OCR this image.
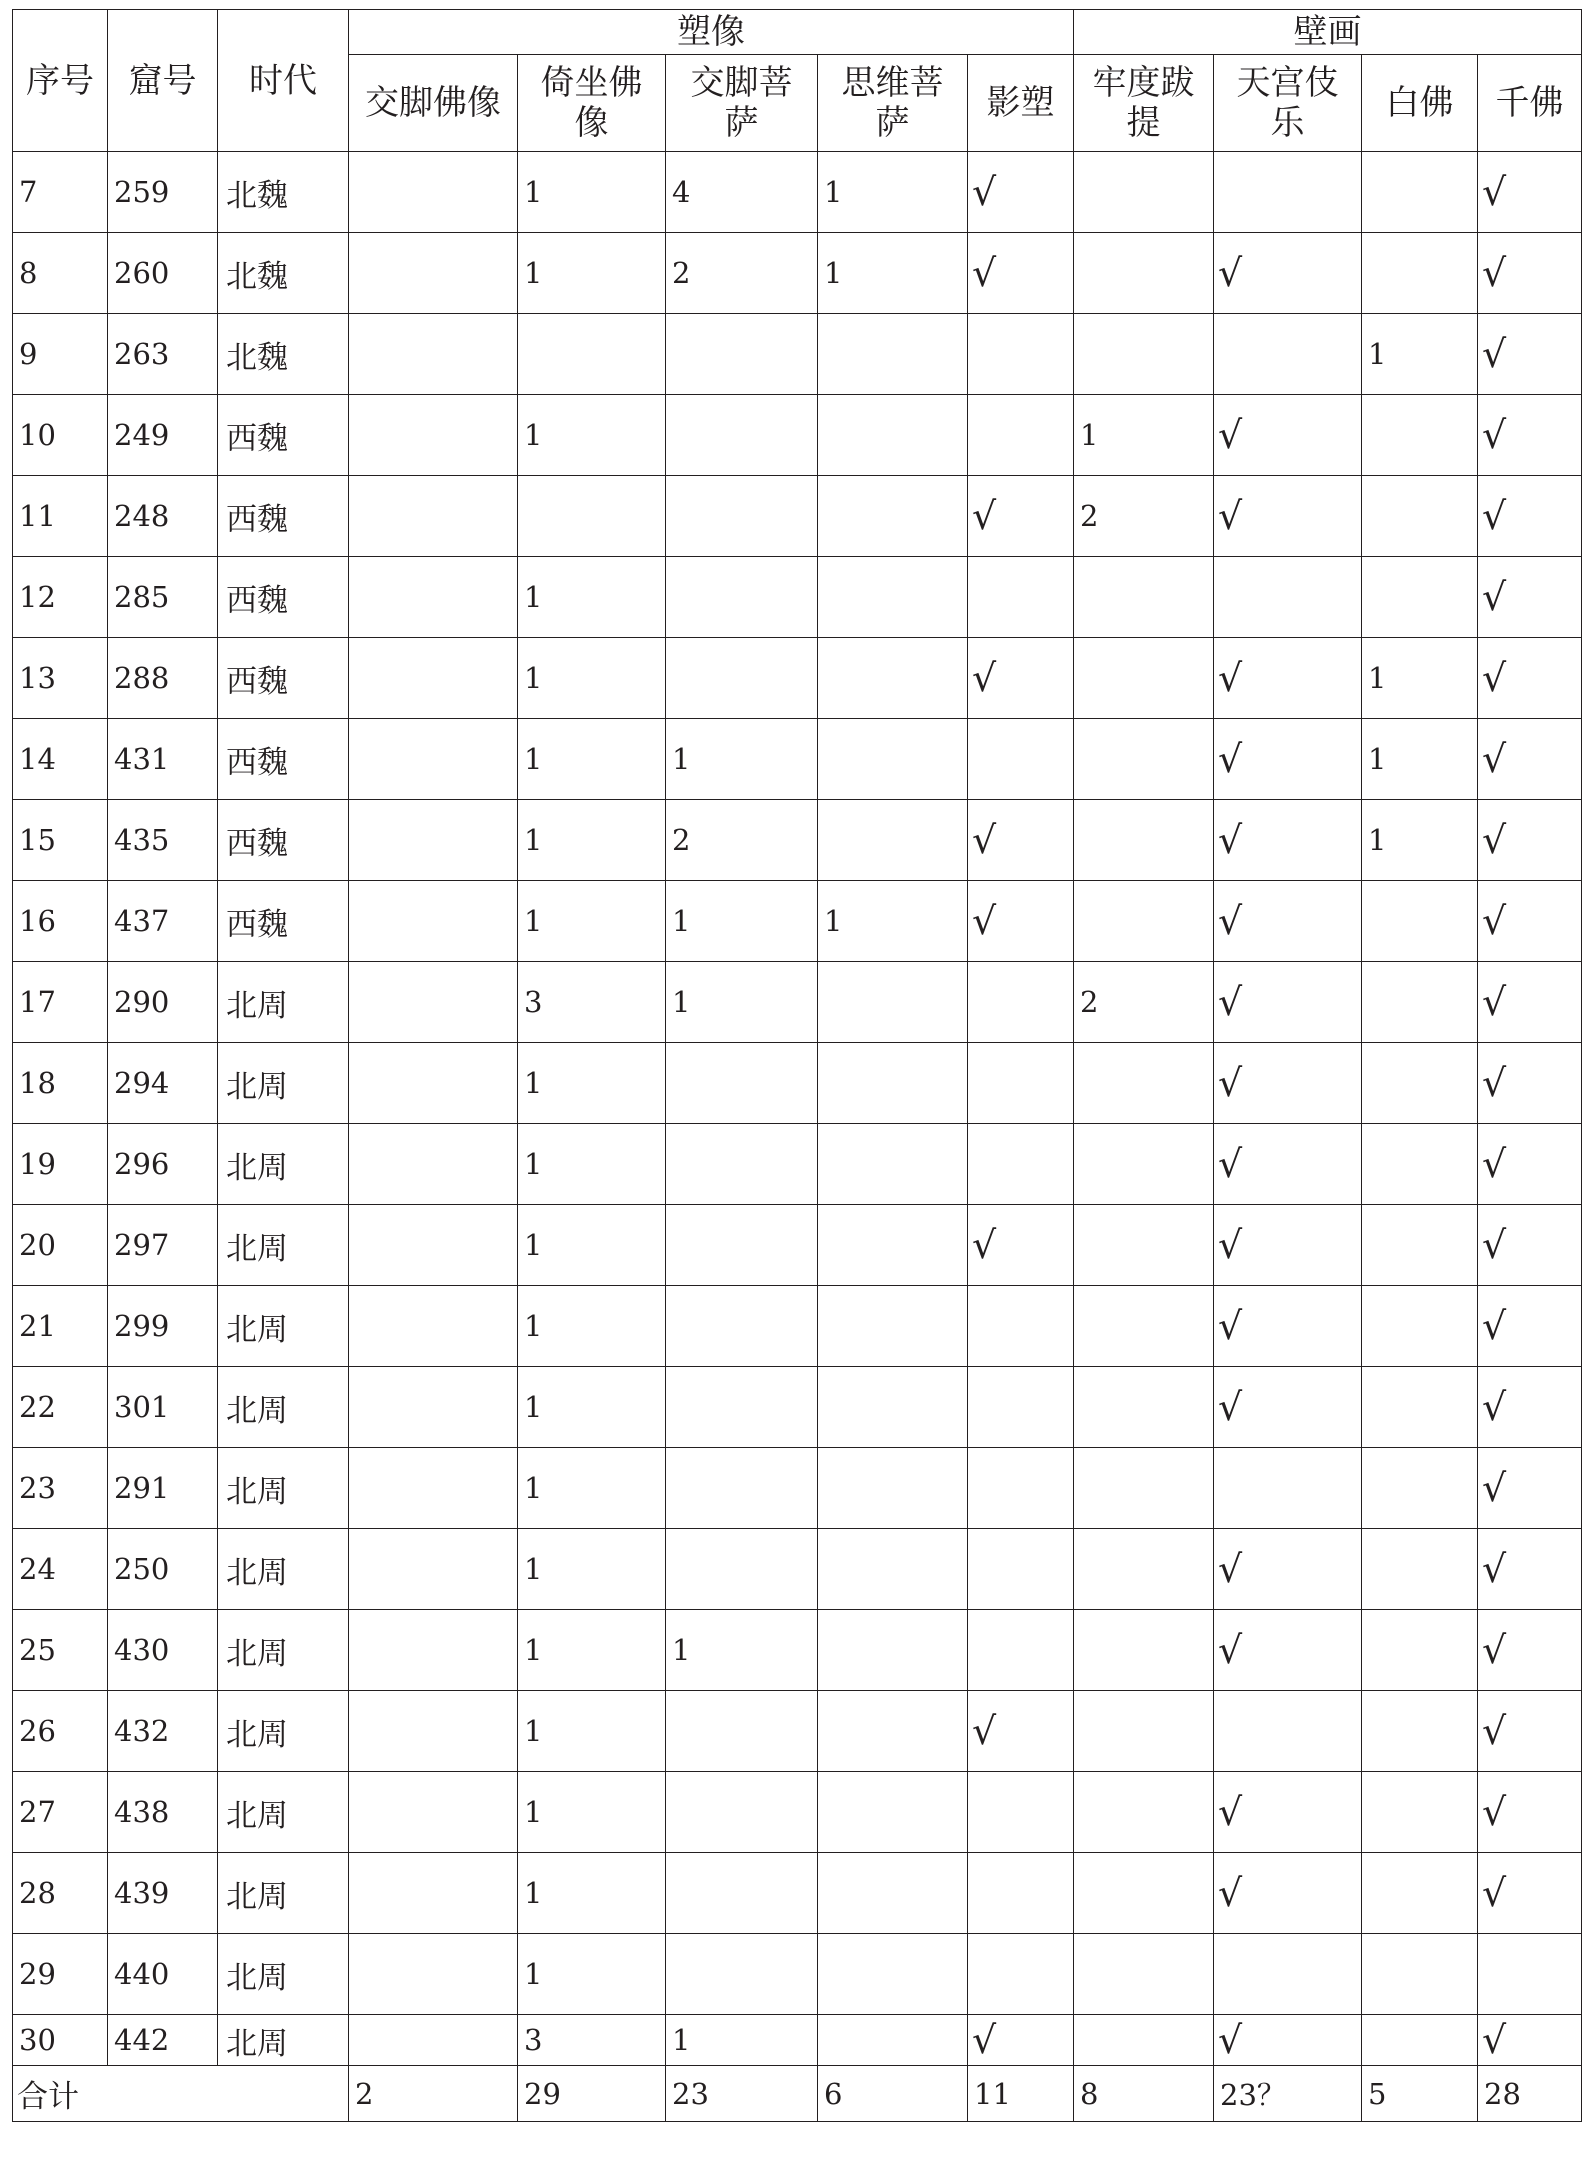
序号	窟号	时代	塑像					壁画			
			交脚佛像	倚坐佛像	交脚菩萨	思维菩萨	影塑	牢度跋提	天宫伎乐	白佛	千佛
7	259	北魏		1	4	1	√				√
8	260	北魏		1	2	1	√		√		√
9	263	北魏								1	√
10	249	西魏		1				1	√		√
11	248	西魏					√	2	√		√
12	285	西魏		1							√
13	288	西魏		1			√		√	1	√
14	431	西魏		1	1				√	1	√
15	435	西魏		1	2		√		√	1	√
16	437	西魏		1	1	1	√		√		√
17	290	北周		3	1			2	√		√
18	294	北周		1					√		√
19	296	北周		1					√		√
20	297	北周		1			√		√		√
21	299	北周		1					√		√
22	301	北周		1					√		√
23	291	北周		1							√
24	250	北周		1					√		√
25	430	北周		1	1				√		√
26	432	北周		1			√				√
27	438	北周		1					√		√
28	439	北周		1					√		√
29	440	北周		1							
30	442	北周		3	1		√		√		√
合计			2	29	23	6	11	8	23？	5	28
